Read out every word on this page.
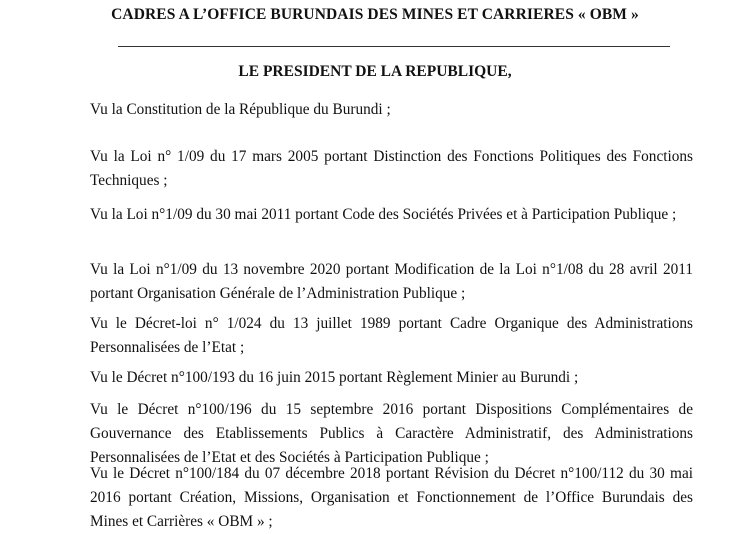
CADRES A L’OFFICE BURUNDAIS DES MINES ET CARRIERES « OBM »
LE PRESIDENT DE LA REPUBLIQUE,

Vu la Constitution de la République du Burundi ;

Vu la Loi n° 1/09 du 17 mars 2005 portant Distinction des Fonctions Politiques des Fonctions Techniques ;

Vu la Loi n°1/09 du 30 mai 2011 portant Code des Sociétés Privées et à Participation Publique ;

Vu la Loi n°1/09 du 13 novembre 2020 portant Modification de la Loi n°1/08 du 28 avril 2011 portant Organisation Générale de l’Administration Publique ;

Vu le Décret-loi n° 1/024 du 13 juillet 1989 portant Cadre Organique des Administrations Personnalisées de l’Etat ;

Vu le Décret n°100/193 du 16 juin 2015 portant Règlement Minier au Burundi ;

Vu le Décret n°100/196 du 15 septembre 2016 portant Dispositions Complémentaires de Gouvernance des Etablissements Publics à Caractère Administratif, des Administrations Personnalisées de l’Etat et des Sociétés à Participation Publique ;

Vu le Décret n°100/184 du 07 décembre 2018 portant Révision du Décret n°100/112 du 30 mai 2016 portant Création, Missions, Organisation et Fonctionnement de l’Office Burundais des Mines et Carrières « OBM » ;
